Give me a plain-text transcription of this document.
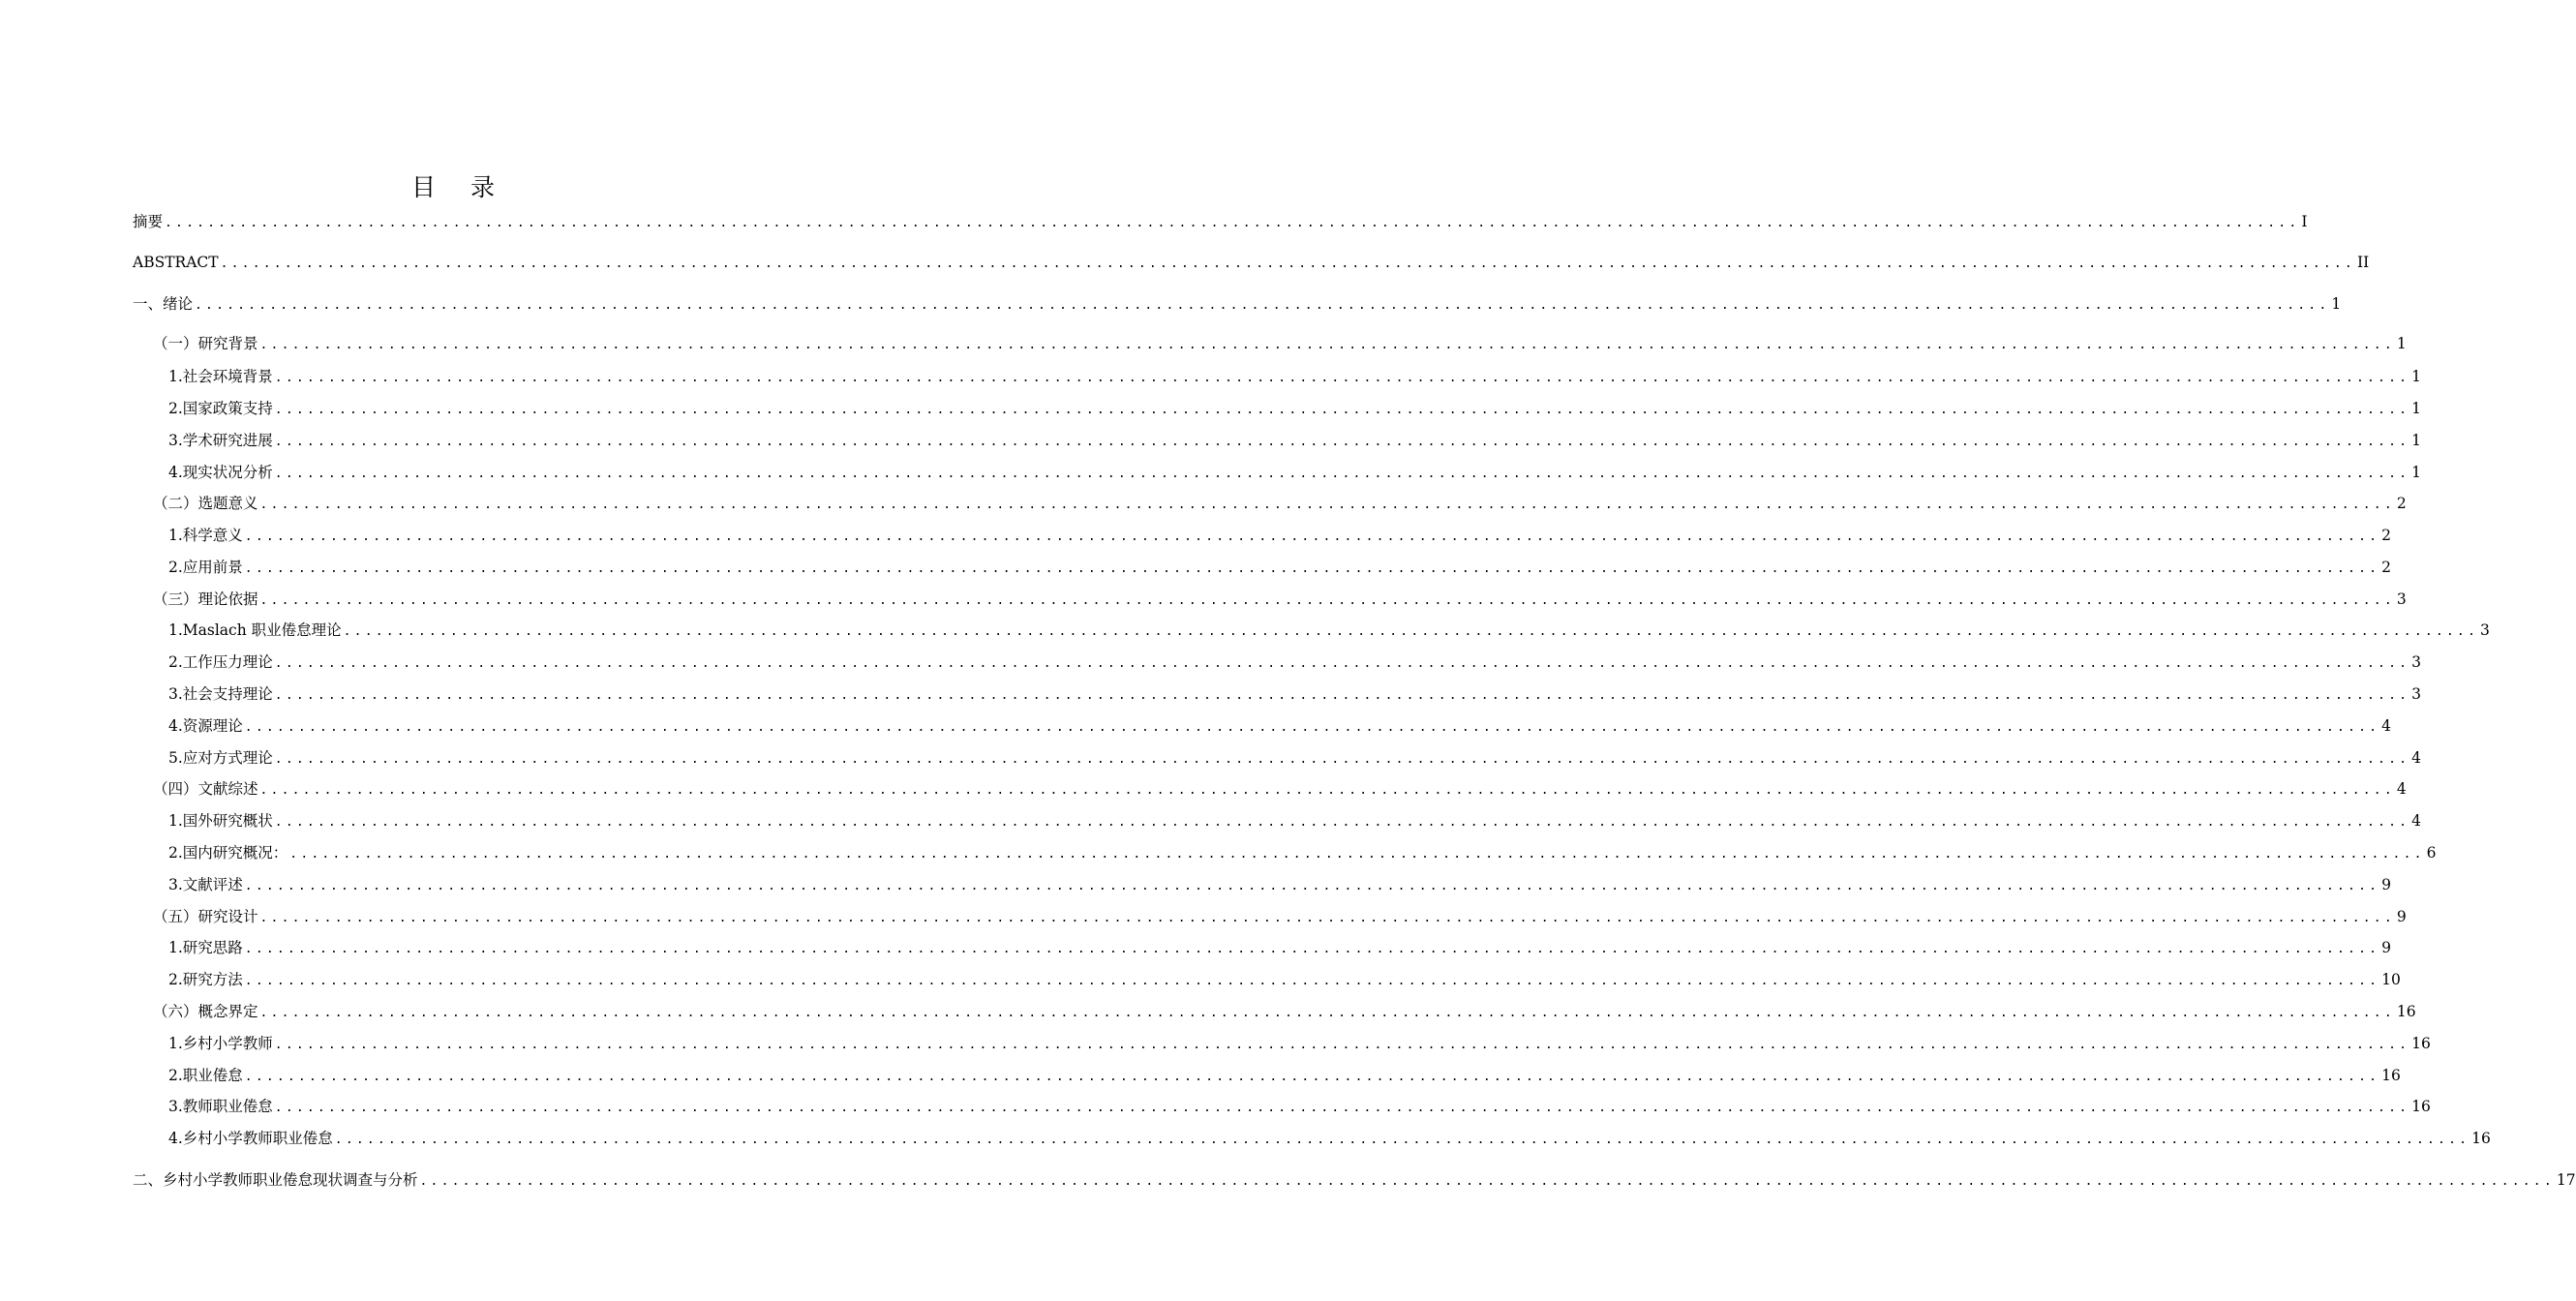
目 录
摘要 ........................................................................................................................................................................................................ I
ABSTRACT ........................................................................................................................................................................................................ II
一、绪论 ........................................................................................................................................................................................................ 1
（一）研究背景 ........................................................................................................................................................................................................ 1
1.社会环境背景 ........................................................................................................................................................................................................ 1
2.国家政策支持 ........................................................................................................................................................................................................ 1
3.学术研究进展 ........................................................................................................................................................................................................ 1
4.现实状况分析 ........................................................................................................................................................................................................ 1
（二）选题意义 ........................................................................................................................................................................................................ 2
1.科学意义 ........................................................................................................................................................................................................ 2
2.应用前景 ........................................................................................................................................................................................................ 2
（三）理论依据 ........................................................................................................................................................................................................ 3
1.Maslach 职业倦怠理论 ........................................................................................................................................................................................................ 3
2.工作压力理论 ........................................................................................................................................................................................................ 3
3.社会支持理论 ........................................................................................................................................................................................................ 3
4.资源理论 ........................................................................................................................................................................................................ 4
5.应对方式理论 ........................................................................................................................................................................................................ 4
（四）文献综述 ........................................................................................................................................................................................................ 4
1.国外研究概状 ........................................................................................................................................................................................................ 4
2.国内研究概况： ........................................................................................................................................................................................................ 6
3.文献评述 ........................................................................................................................................................................................................ 9
（五）研究设计 ........................................................................................................................................................................................................ 9
1.研究思路 ........................................................................................................................................................................................................ 9
2.研究方法 ........................................................................................................................................................................................................ 10
（六）概念界定 ........................................................................................................................................................................................................ 16
1.乡村小学教师 ........................................................................................................................................................................................................ 16
2.职业倦怠 ........................................................................................................................................................................................................ 16
3.教师职业倦怠 ........................................................................................................................................................................................................ 16
4.乡村小学教师职业倦怠 ........................................................................................................................................................................................................ 16
二、乡村小学教师职业倦怠现状调查与分析 ........................................................................................................................................................................................................ 17
